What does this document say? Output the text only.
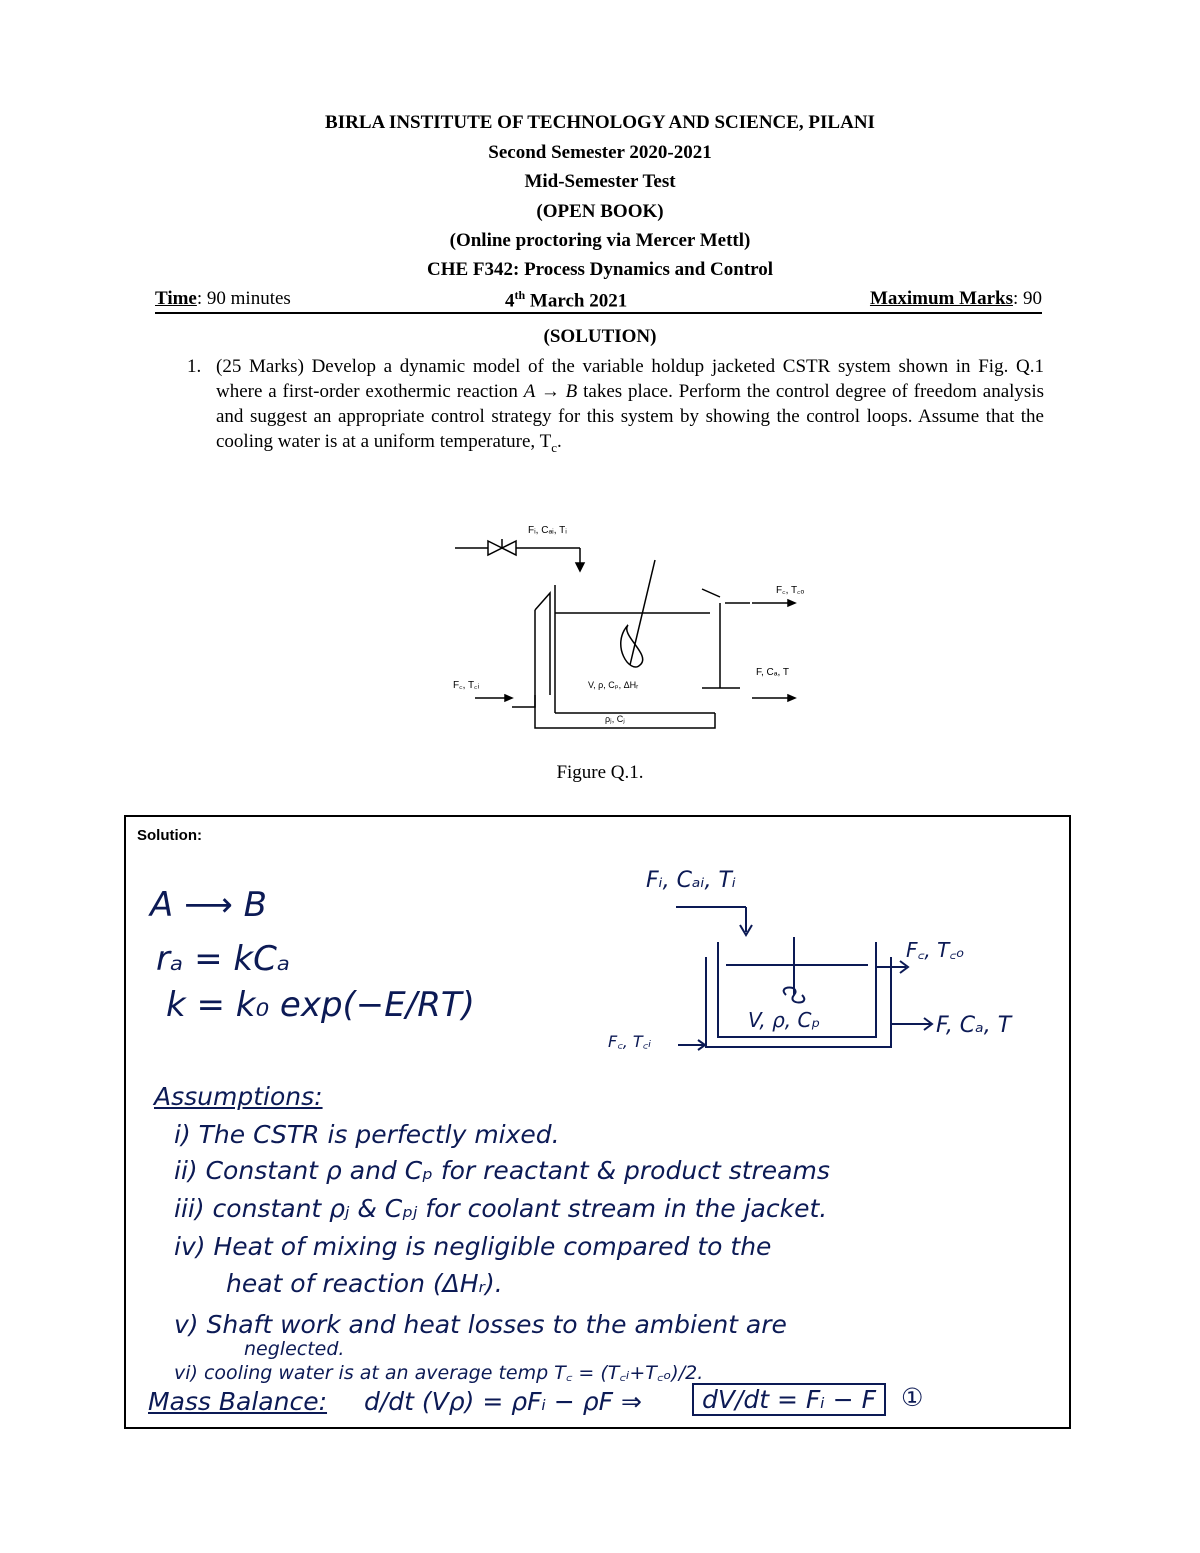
BIRLA INSTITUTE OF TECHNOLOGY AND SCIENCE, PILANI
Second Semester 2020-2021
Mid-Semester Test
(OPEN BOOK)
(Online proctoring via Mercer Mettl)
CHE F342: Process Dynamics and Control
Time: 90 minutes	4th March 2021	Maximum Marks: 90
(SOLUTION)
1. (25 Marks) Develop a dynamic model of the variable holdup jacketed CSTR system shown in Fig. Q.1 where a first-order exothermic reaction A → B takes place. Perform the control degree of freedom analysis and suggest an appropriate control strategy for this system by showing the control loops. Assume that the cooling water is at a uniform temperature, $T_c$.
Fᵢ, Cₐᵢ, Tᵢ
F꜀, T꜀ₒ
F, Cₐ, T
F꜀, T꜀ᵢ	V, ρ, Cₚ, ΔHᵣ
ρⱼ, Cⱼ
Figure Q.1.
Solution:
A ⟶ B
rₐ = kCₐ
k = k₀ exp(−E/RT)
Fᵢ, Cₐᵢ, Tᵢ
F꜀, T꜀ₒ
F, Cₐ, T
F꜀, T꜀ᵢ
V, ρ, Cₚ
Assumptions:
i) The CSTR is perfectly mixed.
ii) Constant ρ and Cₚ for reactant & product streams
iii) constant ρⱼ & Cₚⱼ for coolant stream in the jacket.
iv) Heat of mixing is negligible compared to the
heat of reaction (ΔHᵣ).
v) Shaft work and heat losses to the ambient are
neglected.
vi) cooling water is at an average temp T꜀ = (T꜀ᵢ+T꜀ₒ)/2.
Mass Balance: d/dt (Vρ) = ρFᵢ − ρF ⇒	dV/dt = Fᵢ − F	①
